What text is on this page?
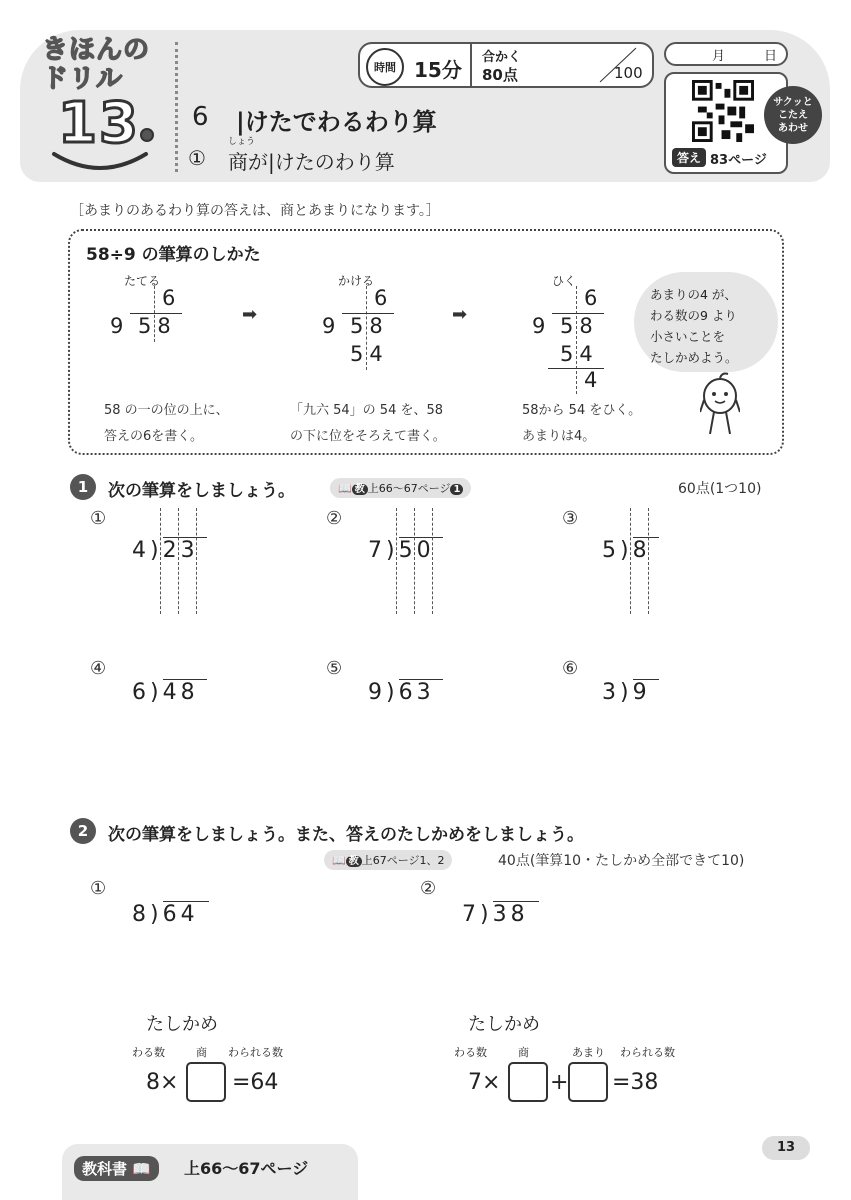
きほんの
ドリル
13
時間 15分
合かく
80点	100
月	日
サクッと
こたえ
あわせ
答え 83ページ
6 |けたでわるわり算
しょう
① 商が|けたのわり算
［あまりのあるわり算の答えは、商とあまりになります。］
58÷9 の筆算のしかた
たてる
6
9 58	➡
かける
6
9 58
54
➡
ひく
6
9 58
54
4
あまりの4 が、
わる数の9 より
小さいことを
たしかめよう。
58 の一の位の上に、
答えの6を書く。
「九六 54」の 54 を、58
の下に位をそろえて書く。
58から 54 をひく。
あまりは4。
1	次の筆算をしましょう。	📖 教 上66～67ページ 1	60点(1つ10)
①
4)23
②
7)50
③
5)8
④
6)48
⑤
9)63
⑥
3)9
2	次の筆算をしましょう。また、答えのたしかめをしましょう。
📖 教 上67ページ1、2	40点(筆算10・たしかめ全部できて10)
①
8)64
②
7)38
たしかめ
わる数	商 わられる数
8× =64
たしかめ
わる数	商	あまり わられる数
7× + =38
教科書 📖	上66～67ページ
13
